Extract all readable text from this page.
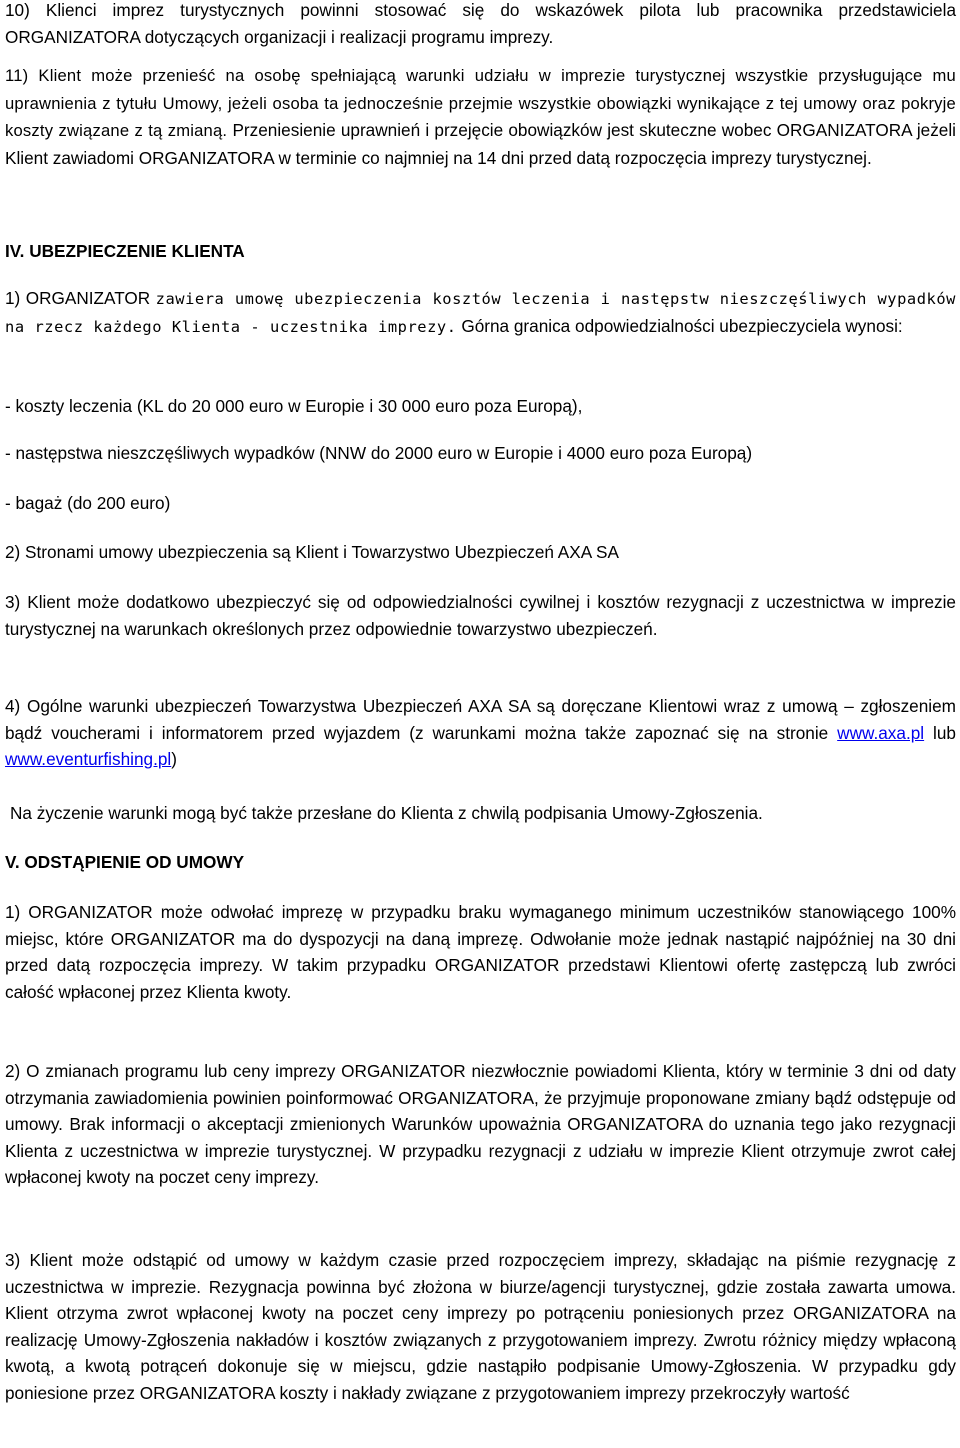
10) Klienci imprez turystycznych powinni stosować się do wskazówek pilota lub pracownika przedstawiciela ORGANIZATORA dotyczących organizacji i realizacji programu imprezy.

11) Klient może przenieść na osobę spełniającą warunki udziału w imprezie turystycznej wszystkie przysługujące mu uprawnienia z tytułu Umowy, jeżeli osoba ta jednocześnie przejmie wszystkie obowiązki wynikające z tej umowy oraz pokryje koszty związane z tą zmianą. Przeniesienie uprawnień i przejęcie obowiązków jest skuteczne wobec ORGANIZATORA jeżeli Klient zawiadomi ORGANIZATORA w terminie co najmniej na 14 dni przed datą rozpoczęcia imprezy turystycznej.

IV. UBEZPIECZENIE KLIENTA

1) ORGANIZATOR zawiera umowę ubezpieczenia kosztów leczenia i następstw nieszczęśliwych wypadków na rzecz każdego Klienta - uczestnika imprezy. Górna granica odpowiedzialności ubezpieczyciela wynosi:

- koszty leczenia (KL do 20 000 euro w Europie i 30 000 euro poza Europą),

- następstwa nieszczęśliwych wypadków (NNW do 2000 euro w Europie i 4000 euro poza Europą)

- bagaż (do 200 euro)

2) Stronami umowy ubezpieczenia są Klient i Towarzystwo Ubezpieczeń AXA SA

3) Klient może dodatkowo ubezpieczyć się od odpowiedzialności cywilnej i kosztów rezygnacji z uczestnictwa w imprezie turystycznej na warunkach określonych przez odpowiednie towarzystwo ubezpieczeń.

4) Ogólne warunki ubezpieczeń Towarzystwa Ubezpieczeń AXA SA są doręczane Klientowi wraz z umową – zgłoszeniem bądź voucherami i informatorem przed wyjazdem (z warunkami można także zapoznać się na stronie www.axa.pl lub www.eventurfishing.pl)

Na życzenie warunki mogą być także przesłane do Klienta z chwilą podpisania Umowy-Zgłoszenia.

V. ODSTĄPIENIE OD UMOWY

1) ORGANIZATOR może odwołać imprezę w przypadku braku wymaganego minimum uczestników stanowiącego 100% miejsc, które ORGANIZATOR ma do dyspozycji na daną imprezę. Odwołanie może jednak nastąpić najpóźniej na 30 dni przed datą rozpoczęcia imprezy. W takim przypadku ORGANIZATOR przedstawi Klientowi ofertę zastępczą lub zwróci całość wpłaconej przez Klienta kwoty.

2) O zmianach programu lub ceny imprezy ORGANIZATOR niezwłocznie powiadomi Klienta, który w terminie 3 dni od daty otrzymania zawiadomienia powinien poinformować ORGANIZATORA, że przyjmuje proponowane zmiany bądź odstępuje od umowy. Brak informacji o akceptacji zmienionych Warunków upoważnia ORGANIZATORA do uznania tego jako rezygnacji Klienta z uczestnictwa w imprezie turystycznej. W przypadku rezygnacji z udziału w imprezie Klient otrzymuje zwrot całej wpłaconej kwoty na poczet ceny imprezy.

3) Klient może odstąpić od umowy w każdym czasie przed rozpoczęciem imprezy, składając na piśmie rezygnację z uczestnictwa w imprezie. Rezygnacja powinna być złożona w biurze/agencji turystycznej, gdzie została zawarta umowa. Klient otrzyma zwrot wpłaconej kwoty na poczet ceny imprezy po potrąceniu poniesionych przez ORGANIZATORA na realizację Umowy-Zgłoszenia nakładów i kosztów związanych z przygotowaniem imprezy. Zwrotu różnicy między wpłaconą kwotą, a kwotą potrąceń dokonuje się w miejscu, gdzie nastąpiło podpisanie Umowy-Zgłoszenia. W przypadku gdy poniesione przez ORGANIZATORA koszty i nakłady związane z przygotowaniem imprezy przekroczyły wartość
